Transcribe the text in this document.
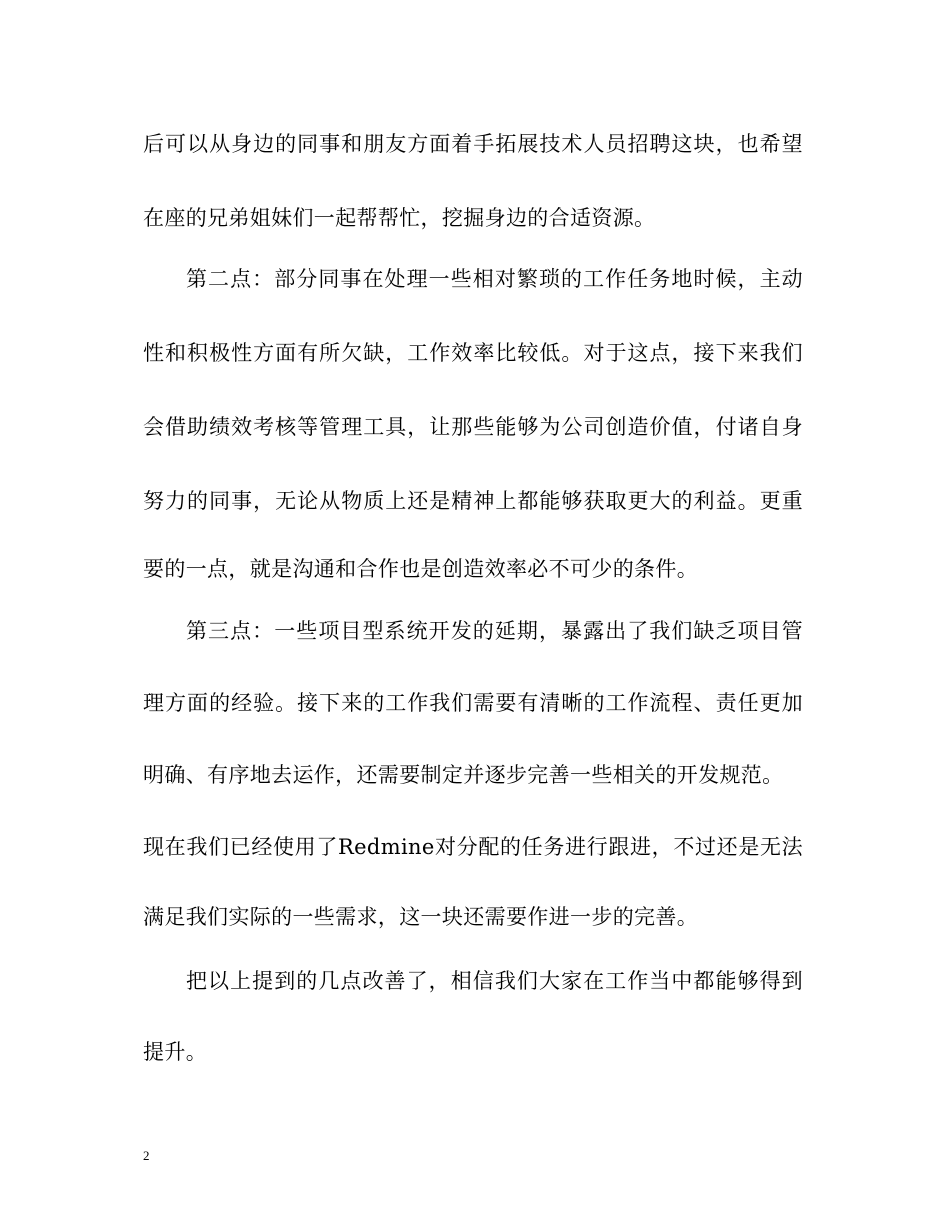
后可以从身边的同事和朋友方面着手拓展技术人员招聘这块，也希望
在座的兄弟姐妹们一起帮帮忙，挖掘身边的合适资源。
第二点：部分同事在处理一些相对繁琐的工作任务地时候，主动
性和积极性方面有所欠缺，工作效率比较低。对于这点，接下来我们
会借助绩效考核等管理工具，让那些能够为公司创造价值，付诸自身
努力的同事，无论从物质上还是精神上都能够获取更大的利益。更重
要的一点，就是沟通和合作也是创造效率必不可少的条件。
第三点：一些项目型系统开发的延期，暴露出了我们缺乏项目管
理方面的经验。接下来的工作我们需要有清晰的工作流程、责任更加
明确、有序地去运作，还需要制定并逐步完善一些相关的开发规范。
现在我们已经使用了Redmine对分配的任务进行跟进，不过还是无法
满足我们实际的一些需求，这一块还需要作进一步的完善。
把以上提到的几点改善了，相信我们大家在工作当中都能够得到
提升。
2
